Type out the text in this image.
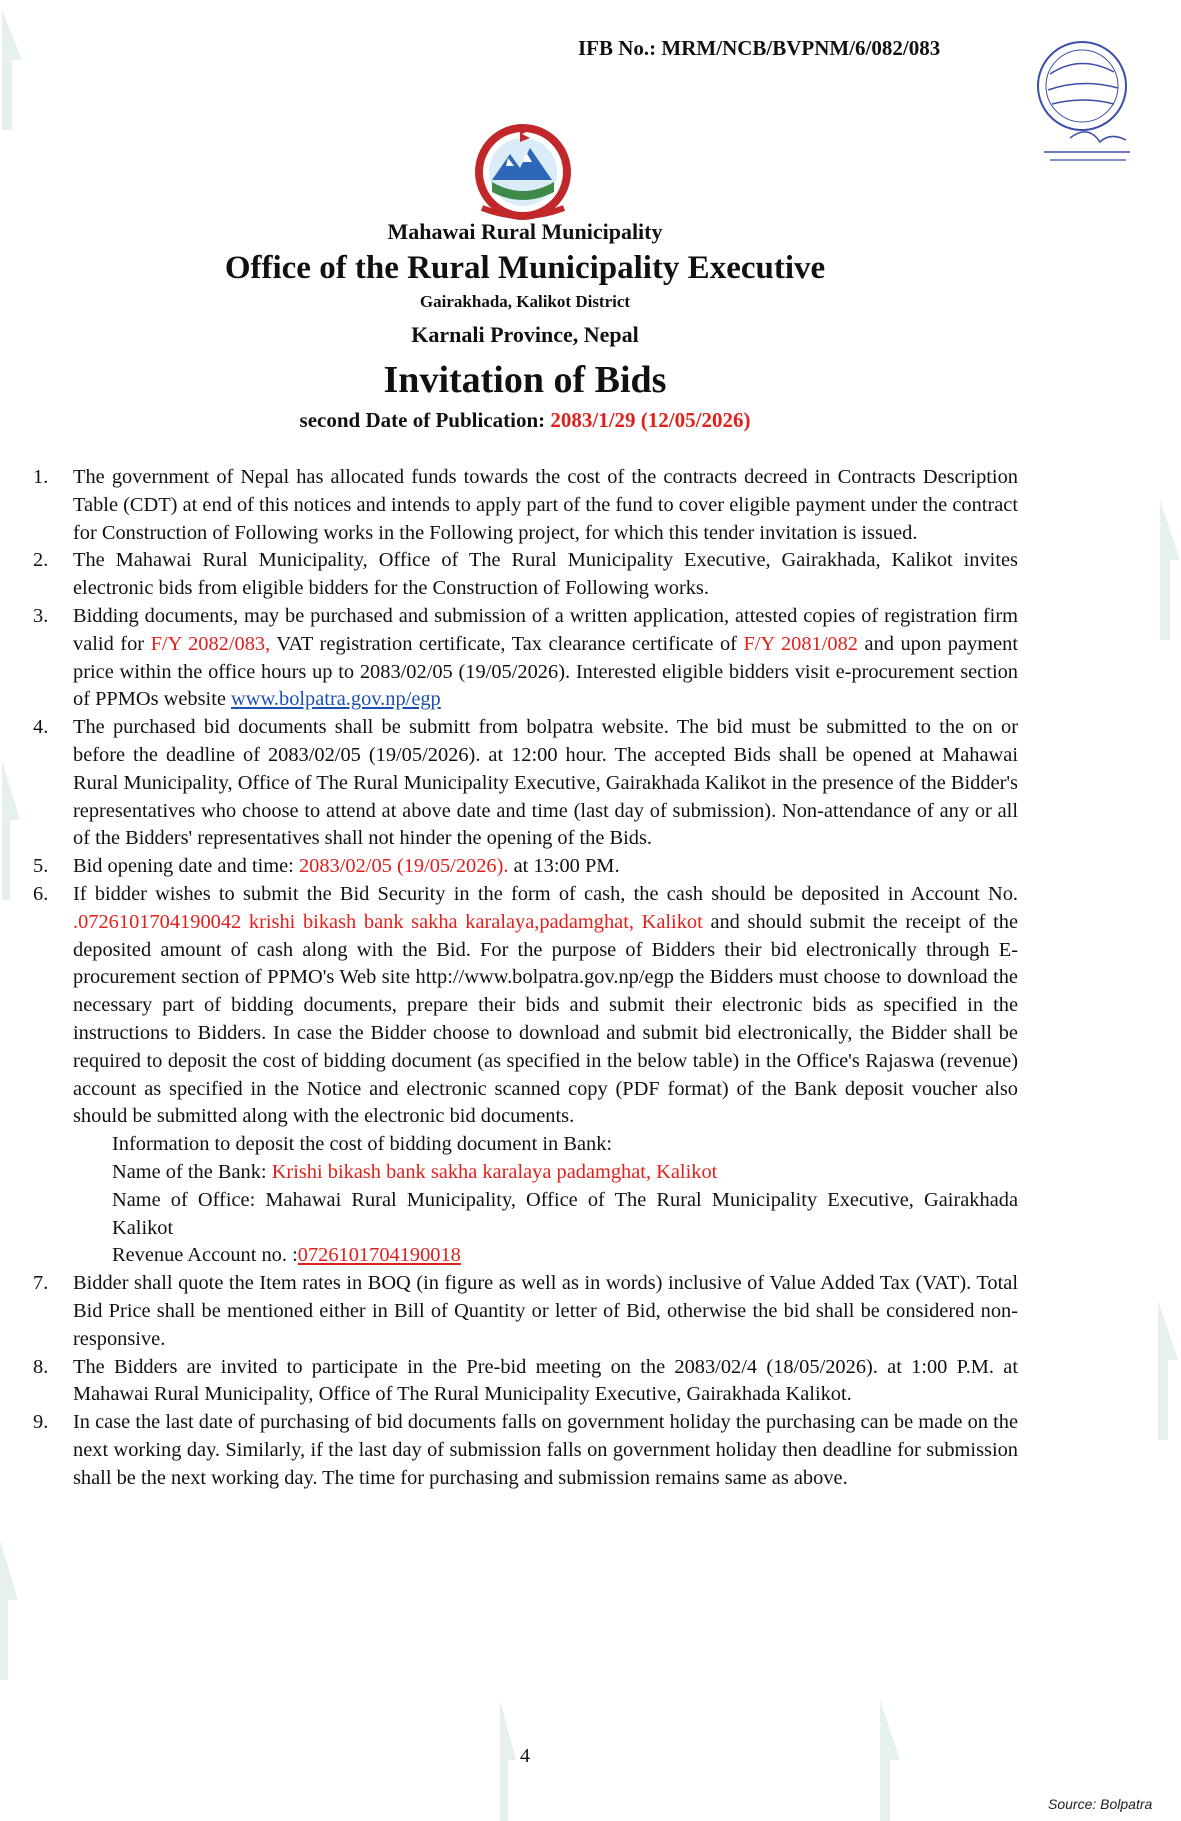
IFB No.: MRM/NCB/BVPNM/6/082/083
Mahawai Rural Municipality
Office of the Rural Municipality Executive
Gairakhada, Kalikot District
Karnali Province, Nepal
Invitation of Bids
second Date of Publication: 2083/1/29 (12/05/2026)
1.	The government of Nepal has allocated funds towards the cost of the contracts decreed in Contracts Description Table (CDT) at end of this notices and intends to apply part of the fund to cover eligible payment under the contract for Construction of Following works in the Following project, for which this tender invitation is issued.
2.	The Mahawai Rural Municipality, Office of The Rural Municipality Executive, Gairakhada, Kalikot invites electronic bids from eligible bidders for the Construction of Following works.
3.	Bidding documents, may be purchased and submission of a written application, attested copies of registration firm valid for F/Y 2082/083, VAT registration certificate, Tax clearance certificate of F/Y 2081/082 and upon payment price within the office hours up to 2083/02/05 (19/05/2026). Interested eligible bidders visit e-procurement section of PPMOs website www.bolpatra.gov.np/egp
4.	The purchased bid documents shall be submitt from bolpatra website. The bid must be submitted to the on or before the deadline of 2083/02/05 (19/05/2026). at 12:00 hour. The accepted Bids shall be opened at Mahawai Rural Municipality, Office of The Rural Municipality Executive, Gairakhada Kalikot in the presence of the Bidder's representatives who choose to attend at above date and time (last day of submission). Non-attendance of any or all of the Bidders' representatives shall not hinder the opening of the Bids.
5.	Bid opening date and time: 2083/02/05 (19/05/2026). at 13:00 PM.
6.	If bidder wishes to submit the Bid Security in the form of cash, the cash should be deposited in Account No. .0726101704190042 krishi bikash bank sakha karalaya,padamghat, Kalikot and should submit the receipt of the deposited amount of cash along with the Bid. For the purpose of Bidders their bid electronically through E-procurement section of PPMO's Web site http://www.bolpatra.gov.np/egp the Bidders must choose to download the necessary part of bidding documents, prepare their bids and submit their electronic bids as specified in the instructions to Bidders. In case the Bidder choose to download and submit bid electronically, the Bidder shall be required to deposit the cost of bidding document (as specified in the below table) in the Office's Rajaswa (revenue) account as specified in the Notice and electronic scanned copy (PDF format) of the Bank deposit voucher also should be submitted along with the electronic bid documents.
Information to deposit the cost of bidding document in Bank:
Name of the Bank: Krishi bikash bank sakha karalaya padamghat, Kalikot
Name of Office: Mahawai Rural Municipality, Office of The Rural Municipality Executive, Gairakhada Kalikot
Revenue Account no. :0726101704190018
7.	Bidder shall quote the Item rates in BOQ (in figure as well as in words) inclusive of Value Added Tax (VAT). Total Bid Price shall be mentioned either in Bill of Quantity or letter of Bid, otherwise the bid shall be considered non-responsive.
8.	The Bidders are invited to participate in the Pre-bid meeting on the 2083/02/4 (18/05/2026). at 1:00 P.M. at Mahawai Rural Municipality, Office of The Rural Municipality Executive, Gairakhada Kalikot.
9.	In case the last date of purchasing of bid documents falls on government holiday the purchasing can be made on the next working day. Similarly, if the last day of submission falls on government holiday then deadline for submission shall be the next working day. The time for purchasing and submission remains same as above.
4
Source: Bolpatra
